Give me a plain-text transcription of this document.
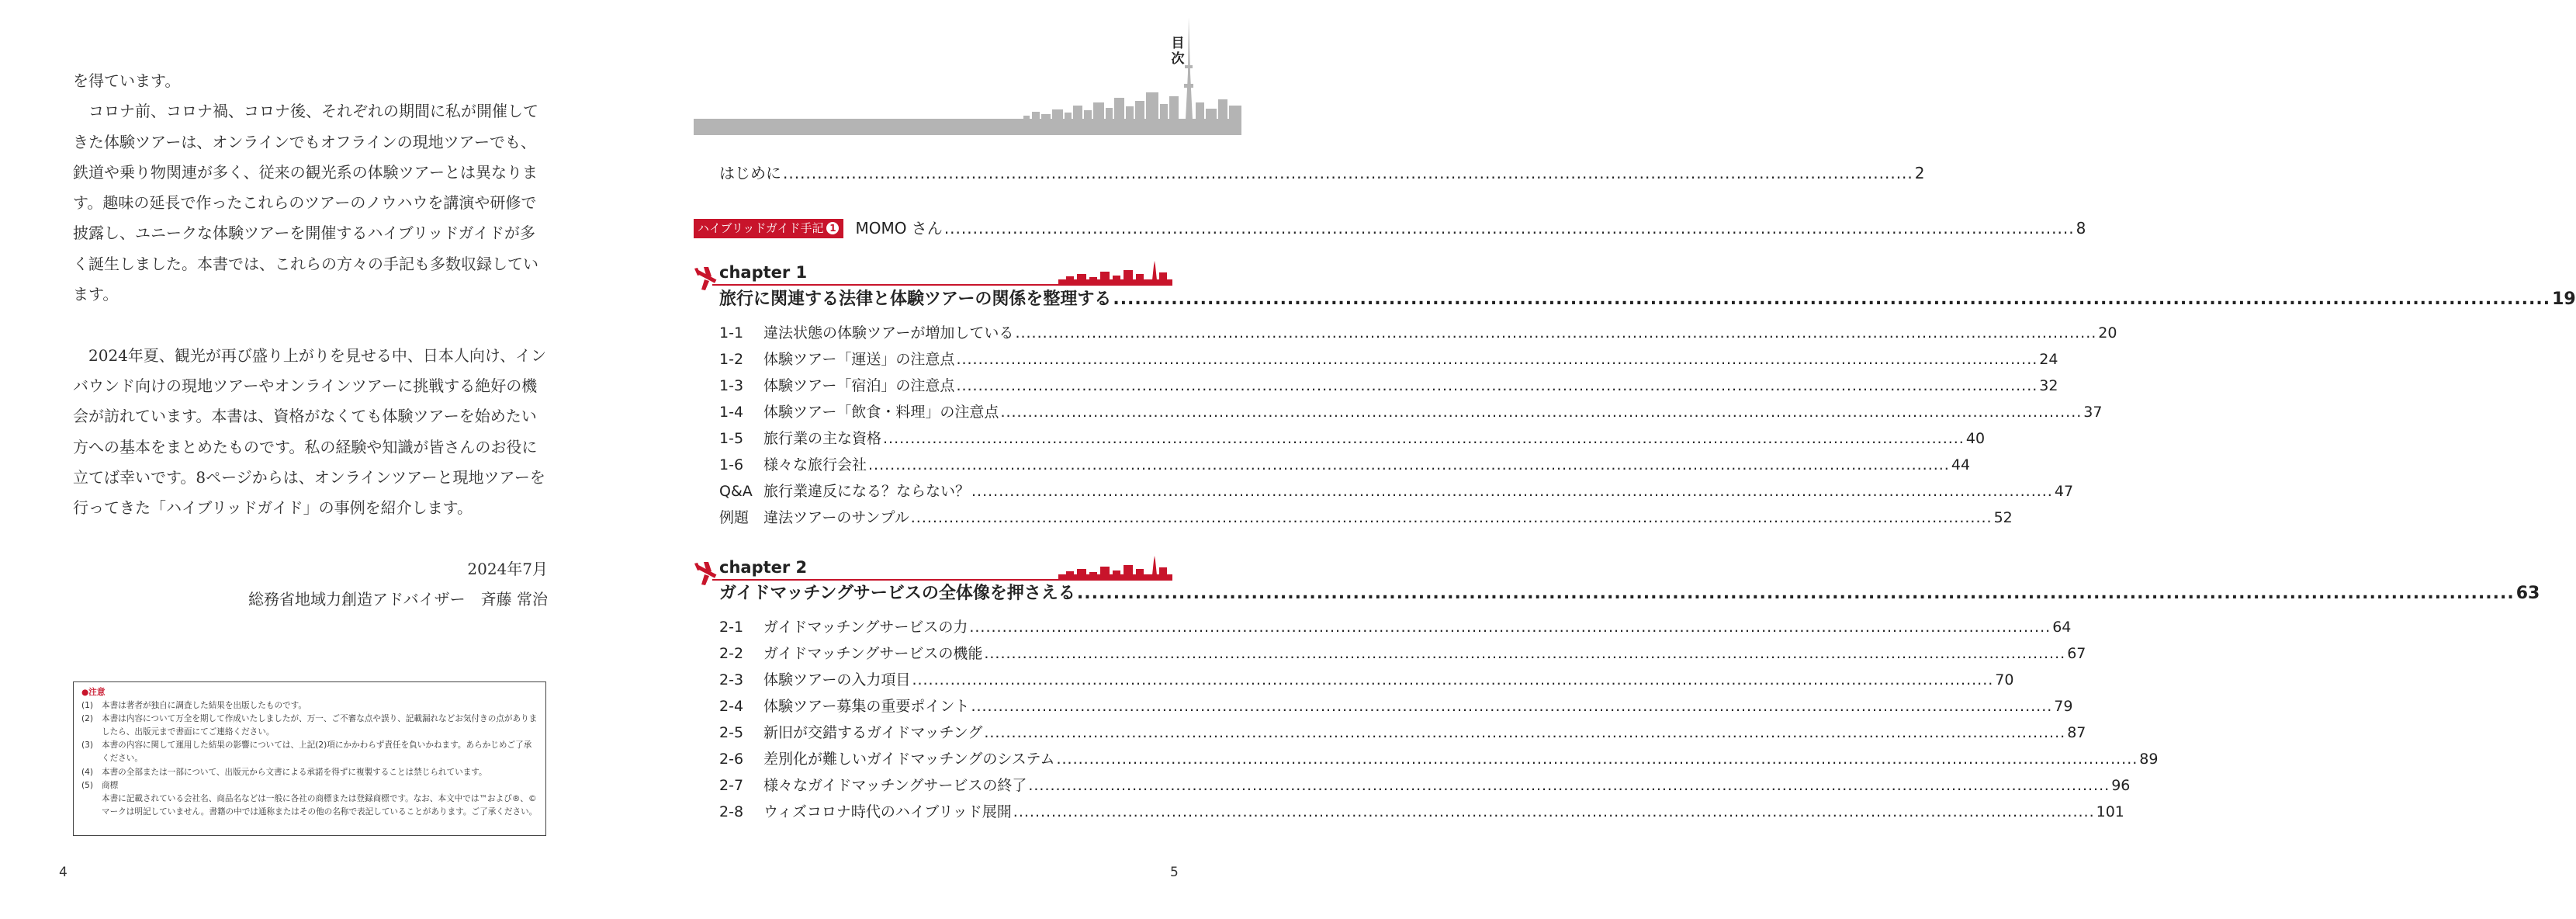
を得ています。

コロナ前、コロナ禍、コロナ後、それぞれの期間に私が開催してきた体験ツアーは、オンラインでもオフラインの現地ツアーでも、鉄道や乗り物関連が多く、従来の観光系の体験ツアーとは異なります。趣味の延長で作ったこれらのツアーのノウハウを講演や研修で披露し、ユニークな体験ツアーを開催するハイブリッドガイドが多く誕生しました。本書では、これらの方々の手記も多数収録しています。

2024年夏、観光が再び盛り上がりを見せる中、日本人向け、インバウンド向けの現地ツアーやオンラインツアーに挑戦する絶好の機会が訪れています。本書は、資格がなくても体験ツアーを始めたい方への基本をまとめたものです。私の経験や知識が皆さんのお役に立てば幸いです。8ページからは、オンラインツアーと現地ツアーを行ってきた「ハイブリッドガイド」の事例を紹介します。

2024年7月

総務省地域力創造アドバイザー　斉藤 常治

●注意
(1)	本書は著者が独自に調査した結果を出版したものです。
(2)	本書は内容について万全を期して作成いたしましたが、万一、ご不審な点や誤り、記載漏れなどお気付きの点がありましたら、出版元まで書面にてご連絡ください。
(3)	本書の内容に関して運用した結果の影響については、上記(2)項にかかわらず責任を負いかねます。あらかじめご了承ください。
(4)	本書の全部または一部について、出版元から文書による承諾を得ずに複製することは禁じられています。
(5)	商標
本書に記載されている会社名、商品名などは一般に各社の商標または登録商標です。なお、本文中では™および®、©マークは明記していません。書籍の中では通称またはその他の名称で表記していることがあります。ご了承ください。
4
目次
はじめに .....	2
ハイブリッドガイド手記 1 MOMO さん .....	8
chapter 1
旅行に関連する法律と体験ツアーの関係を整理する .....	19
1-1	違法状態の体験ツアーが増加している .....	20
1-2	体験ツアー「運送」の注意点 .....	24
1-3	体験ツアー「宿泊」の注意点 .....	32
1-4	体験ツアー「飲食・料理」の注意点 .....	37
1-5	旅行業の主な資格 .....	40
1-6	様々な旅行会社 .....	44
Q&A 旅行業違反になる？ならない？ .....	47
例題 違法ツアーのサンプル .....	52
chapter 2
ガイドマッチングサービスの全体像を押さえる .....	63
2-1	ガイドマッチングサービスの力 .....	64
2-2	ガイドマッチングサービスの機能 .....	67
2-3	体験ツアーの入力項目 .....	70
2-4	体験ツアー募集の重要ポイント .....	79
2-5	新旧が交錯するガイドマッチング .....	87
2-6	差別化が難しいガイドマッチングのシステム .....	89
2-7	様々なガイドマッチングサービスの終了 .....	96
2-8	ウィズコロナ時代のハイブリッド展開 .....	101
5
